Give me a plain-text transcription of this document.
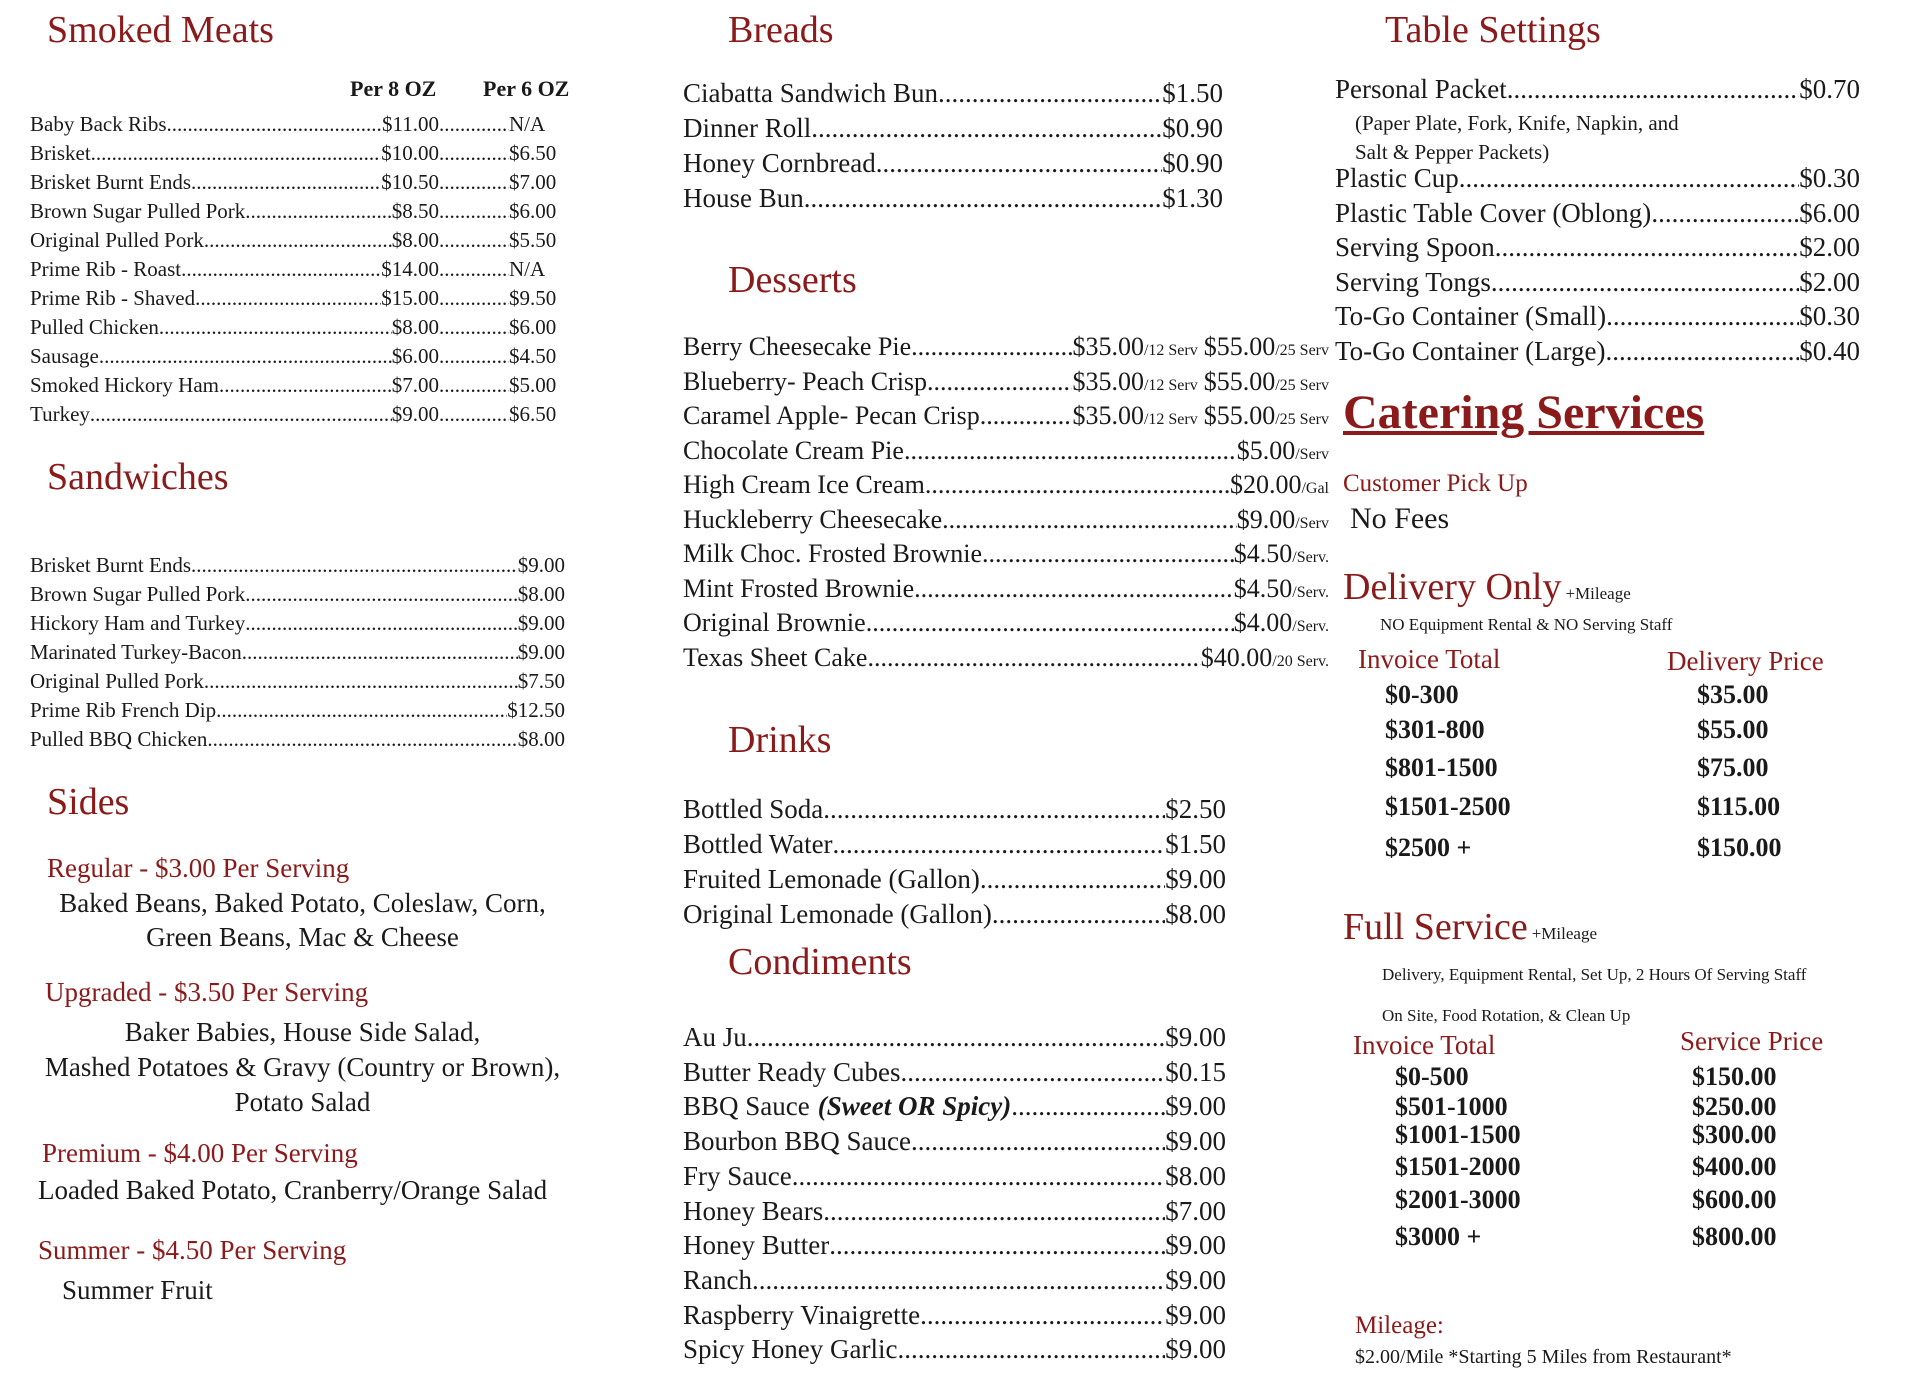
Smoked Meats
Per 8 OZ Per 6 OZ
Baby Back Ribs .....	$11.00 .....	N/A
Brisket .....	$10.00 .....	$6.50
Brisket Burnt Ends .....	$10.50 .....	$7.00
Brown Sugar Pulled Pork .....	$8.50 .....	$6.00
Original Pulled Pork .....	$8.00 .....	$5.50
Prime Rib - Roast .....	$14.00 .....	N/A
Prime Rib - Shaved .....	$15.00 .....	$9.50
Pulled Chicken .....	$8.00 .....	$6.00
Sausage .....	$6.00 .....	$4.50
Smoked Hickory Ham .....	$7.00 .....	$5.00
Turkey .....	$9.00 .....	$6.50
Sandwiches
Brisket Burnt Ends .....	$9.00
Brown Sugar Pulled Pork .....	$8.00
Hickory Ham and Turkey .....	$9.00
Marinated Turkey-Bacon .....	$9.00
Original Pulled Pork .....	$7.50
Prime Rib French Dip .....	$12.50
Pulled BBQ Chicken .....	$8.00
Sides
Regular - $3.00 Per Serving
Baked Beans, Baked Potato, Coleslaw, Corn,
Green Beans, Mac & Cheese
Upgraded - $3.50 Per Serving
Baker Babies, House Side Salad,
Mashed Potatoes & Gravy (Country or Brown),
Potato Salad
Premium - $4.00 Per Serving
Loaded Baked Potato, Cranberry/Orange Salad
Summer - $4.50 Per Serving
Summer Fruit
Breads
Ciabatta Sandwich Bun .....	$1.50
Dinner Roll .....	$0.90
Honey Cornbread .....	$0.90
House Bun .....	$1.30
Desserts
Berry Cheesecake Pie .....	$35.00 /12 Serv $55.00 /25 Serv
Blueberry- Peach Crisp .....	$35.00 /12 Serv $55.00 /25 Serv
Caramel Apple- Pecan Crisp. .....	$35.00 /12 Serv $55.00 /25 Serv
Chocolate Cream Pie .....	$5.00 /Serv
High Cream Ice Cream .....	$20.00 /Gal
Huckleberry Cheesecake .....	$9.00 /Serv
Milk Choc. Frosted Brownie .....	$4.50 /Serv.
Mint Frosted Brownie .....	$4.50 /Serv.
Original Brownie .....	$4.00 /Serv.
Texas Sheet Cake .....	$40.00 /20 Serv.
Drinks
Bottled Soda .....	$2.50
Bottled Water .....	$1.50
Fruited Lemonade (Gallon) .....	$9.00
Original Lemonade (Gallon) .....	$8.00
Condiments
Au Ju .....	$9.00
Butter Ready Cubes .....	$0.15
BBQ Sauce (Sweet OR Spicy) .....	$9.00
Bourbon BBQ Sauce .....	$9.00
Fry Sauce .....	$8.00
Honey Bears .....	$7.00
Honey Butter .....	$9.00
Ranch .....	$9.00
Raspberry Vinaigrette .....	$9.00
Spicy Honey Garlic .....	$9.00
Table Settings
Personal Packet .....	$0.70
(Paper Plate, Fork, Knife, Napkin, and
Salt & Pepper Packets)
Plastic Cup .....	$0.30
Plastic Table Cover (Oblong) .....	$6.00
Serving Spoon .....	$2.00
Serving Tongs .....	$2.00
To-Go Container (Small) .....	$0.30
To-Go Container (Large) .....	$0.40
Catering Services
Customer Pick Up
No Fees
Delivery Only +Mileage
NO Equipment Rental & NO Serving Staff
Invoice Total	Delivery Price
$0-300	$35.00
$301-800	$55.00
$801-1500	$75.00
$1501-2500	$115.00
$2500 +	$150.00
Full Service +Mileage
Delivery, Equipment Rental, Set Up, 2 Hours Of Serving Staff
On Site, Food Rotation, & Clean Up
Invoice Total	Service Price
$0-500	$150.00
$501-1000	$250.00
$1001-1500	$300.00
$1501-2000	$400.00
$2001-3000	$600.00
$3000 +	$800.00
Mileage:
$2.00/Mile *Starting 5 Miles from Restaurant*
